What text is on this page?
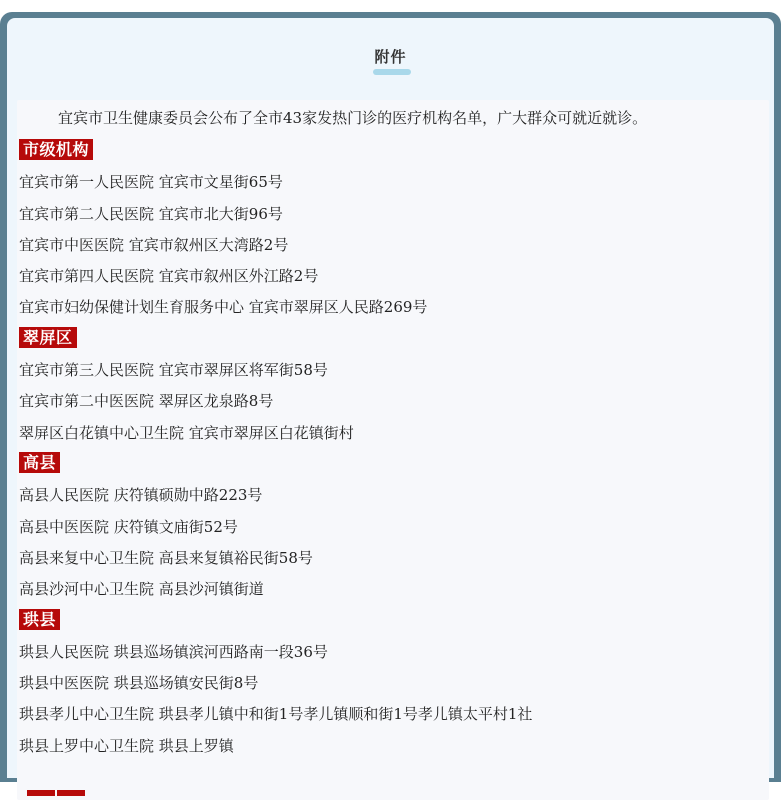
附件

宜宾市卫生健康委员会公布了全市43家发热门诊的医疗机构名单，广大群众可就近就诊。

市级机构
宜宾市第一人民医院 宜宾市文星街65号
宜宾市第二人民医院 宜宾市北大街96号
宜宾市中医医院 宜宾市叙州区大湾路2号
宜宾市第四人民医院 宜宾市叙州区外江路2号
宜宾市妇幼保健计划生育服务中心 宜宾市翠屏区人民路269号
翠屏区
宜宾市第三人民医院 宜宾市翠屏区将军街58号
宜宾市第二中医医院 翠屏区龙泉路8号
翠屏区白花镇中心卫生院 宜宾市翠屏区白花镇街村
高县
高县人民医院 庆符镇硕勋中路223号
高县中医医院 庆符镇文庙街52号
高县来复中心卫生院 高县来复镇裕民街58号
高县沙河中心卫生院 高县沙河镇街道
珙县
珙县人民医院 珙县巡场镇滨河西路南一段36号
珙县中医医院 珙县巡场镇安民街8号
珙县孝儿中心卫生院 珙县孝儿镇中和街1号孝儿镇顺和街1号孝儿镇太平村1社
珙县上罗中心卫生院 珙县上罗镇
